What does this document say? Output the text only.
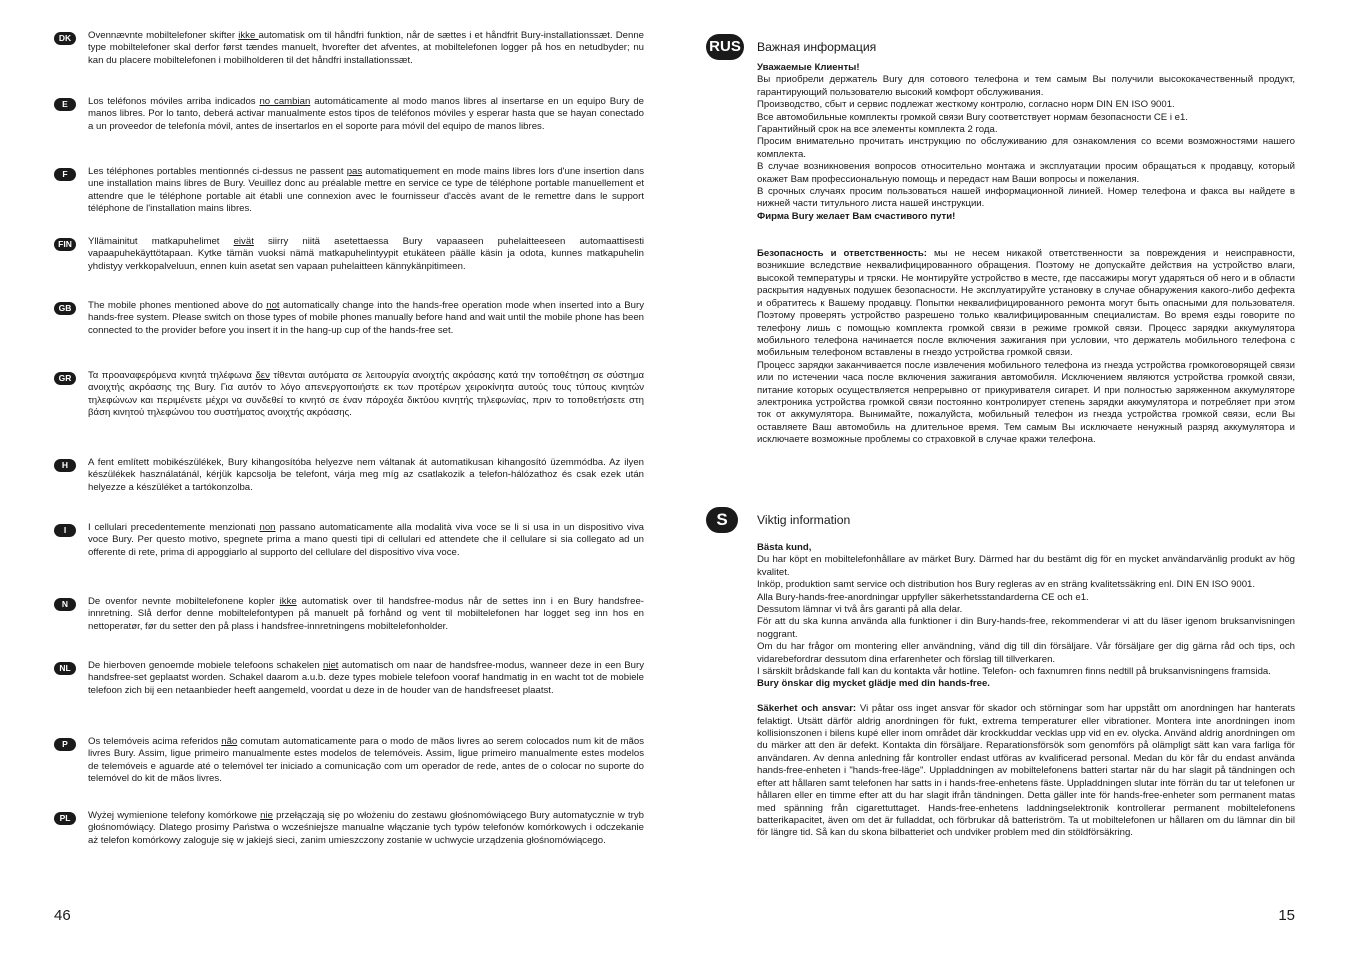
DK	Ovennævnte mobiltelefoner skifter ikke automatisk om til håndfri funktion, når de sættes i et håndfrit Bury-installationssæt. Denne type mobiltelefoner skal derfor først tændes manuelt, hvorefter det afventes, at mobiltelefonen logger på hos en netudbyder; nu kan du placere mobiltelefonen i mobilholderen til det håndfri installationssæt.
E	Los teléfonos móviles arriba indicados no cambian automáticamente al modo manos libres al insertarse en un equipo Bury de manos libres. Por lo tanto, deberá activar manualmente estos tipos de teléfonos móviles y esperar hasta que se hayan conectado a un proveedor de telefonía móvil, antes de insertarlos en el soporte para móvil del equipo de manos libres.
F	Les téléphones portables mentionnés ci-dessus ne passent pas automatiquement en mode mains libres lors d'une insertion dans une installation mains libres de Bury. Veuillez donc au préalable mettre en service ce type de téléphone portable manuellement et attendre que le téléphone portable ait établi une connexion avec le fournisseur d'accès avant de le remettre dans le support téléphone de l'installation mains libres.
FIN	Yllämainitut matkapuhelimet eivät siirry niitä asetettaessa Bury vapaaseen puhelaitteeseen automaattisesti vapaapuhekäyttötapaan. Kytke tämän vuoksi nämä matkapuhelintyypit etukäteen päälle käsin ja odota, kunnes matkapuhelin yhdistyy verkkopalveluun, ennen kuin asetat sen vapaan puhelaitteen kännykänpitimeen.
GB	The mobile phones mentioned above do not automatically change into the hands-free operation mode when inserted into a Bury hands-free system. Please switch on those types of mobile phones manually before hand and wait until the mobile phone has been connected to the provider before you insert it in the hang-up cup of the hands-free set.
GR	Τα προαναφερόμενα κινητά τηλέφωνα δεν τίθενται αυτόματα σε λειτουργία ανοιχτής ακρόασης κατά την τοποθέτηση σε σύστημα ανοιχτής ακρόασης της Bury. Για αυτόν το λόγο απενεργοποιήστε εκ των προτέρων χειροκίνητα αυτούς τους τύπους κινητών τηλεφώνων και περιμένετε μέχρι να συνδεθεί το κινητό σε έναν πάροχέα δικτύου κινητής τηλεφωνίας, πριν το τοποθετήσετε στη βάση κινητού τηλεφώνου του συστήματος ανοιχτής ακρόασης.
H	A fent említett mobikészülékek, Bury kihangosítóba helyezve nem váltanak át automatikusan kihangosító üzemmódba. Az ilyen készülékek használatánál, kérjük kapcsolja be telefont, várja meg míg az csatlakozik a telefon-hálózathoz és csak ezek után helyezze a készüléket a tartókonzolba.
I	I cellulari precedentemente menzionati non passano automaticamente alla modalità viva voce se li si usa in un dispositivo viva voce Bury. Per questo motivo, spegnete prima a mano questi tipi di cellulari ed attendete che il cellulare si sia collegato ad un offerente di rete, prima di appoggiarlo al supporto del cellulare del dispositivo viva voce.
N	De ovenfor nevnte mobiltelefonene kopler ikke automatisk over til handsfree-modus når de settes inn i en Bury handsfree-innretning. Slå derfor denne mobiltelefontypen på manuelt på forhånd og vent til mobiltelefonen har logget seg inn hos en nettoperatør, før du setter den på plass i handsfree-innretningens mobiltelefonholder.
NL	De hierboven genoemde mobiele telefoons schakelen niet automatisch om naar de handsfree-modus, wanneer deze in een Bury handsfree-set geplaatst worden. Schakel daarom a.u.b. deze types mobiele telefoon vooraf handmatig in en wacht tot de mobiele telefoon zich bij een netaanbieder heeft aangemeld, voordat u deze in de houder van de handsfreeset plaatst.
P	Os telemóveis acima referidos não comutam automaticamente para o modo de mãos livres ao serem colocados num kit de mãos livres Bury. Assim, ligue primeiro manualmente estes modelos de telemóveis. Assim, ligue primeiro manualmente estes modelos de telemóveis e aguarde até o telemóvel ter iniciado a comunicação com um operador de rede, antes de o colocar no suporte do telemóvel do kit de mãos livres.
PL	Wyżej wymienione telefony komórkowe nie przełączają się po włożeniu do zestawu głośnomówiącego Bury automatycznie w tryb głośnomówiący. Dlatego prosimy Państwa o wcześniejsze manualne włączanie tych typów telefonów komórkowych i odczekanie aż telefon komórkowy zaloguje się w jakiejś sieci, zanim umieszczony zostanie w uchwycie urządzenia głośnomówiącego.
RUS Важная информация

Уважаемые Клиенты!

Вы приобрели держатель Bury для сотового телефона и тем самым Вы получили высококачественный продукт, гарантирующий пользователю высокий комфорт обслуживания.

Производство, сбыт и сервис подлежат жесткому контролю, согласно норм DIN EN ISO 9001.

Все автомобильные комплекты громкой связи Bury соответствует нормам безопасности CE i e1.

Гарантийный срок на все элементы комплекта 2 года.

Просим внимательно прочитать инструкцию по обслуживанию для ознакомления со всеми возможностями нашего комплекта.

В случае возникновения вопросов относительно монтажа и эксплуатации просим обращаться к продавцу, который окажет Вам профессиональную помощь и передаст нам Ваши вопросы и пожелания.

В срочных случаях просим пользоваться нашей информационной линией. Номер телефона и факса вы найдете в нижней части титульного листа нашей инструкции.

Фирма Bury желает Вам счастивого пути!

Безопасность и ответственность: мы не несем никакой ответственности за повреждения и неисправности, возникшие вследствие неквалифицированного обращения. Поэтому не допускайте действия на устройство влаги, высокой температуры и тряски. Не монтируйте устройство в месте, где пассажиры могут ударяться об него и в области раскрытия надувных подушек безопасности. Не эксплуатируйте установку в случае обнаружения какого-либо дефекта и обратитесь к Вашему продавцу. Попытки неквалифицированного ремонта могут быть опасными для пользователя. Поэтому проверять устройство разрешено только квалифицированным специалистам. Во время езды говорите по телефону лишь с помощью комплекта громкой связи в режиме громкой связи. Процесс зарядки аккумулятора мобильного телефона начинается после включения зажигания при условии, что держатель мобильного телефона с мобильным телефоном вставлены в гнездо устройства громкой связи.

Процесс зарядки заканчивается после извлечения мобильного телефона из гнезда устройства громкоговорящей связи или по истечении часа после включения зажигания автомобиля. Исключением являются устройства громкой связи, питание которых осуществляется непрерывно от прикуривателя сигарет. И при полностью заряженном аккумуляторе электроника устройства громкой связи постоянно контролирует степень зарядки аккумулятора и потребляет при этом ток от аккумулятора. Вынимайте, пожалуйста, мобильный телефон из гнезда устройства громкой связи, если Вы оставляете Ваш автомобиль на длительное время. Тем самым Вы исключаете ненужный разряд аккумулятора и исключаете возможные проблемы со страховкой в случае кражи телефона.

S	Viktig information

Bästa kund,

Du har köpt en mobiltelefonhållare av märket Bury. Därmed har du bestämt dig för en mycket användarvänlig produkt av hög kvalitet.

Inköp, produktion samt service och distribution hos Bury regleras av en sträng kvalitetssäkring enl. DIN EN ISO 9001.

Alla Bury-hands-free-anordningar uppfyller säkerhetsstandarderna CE och e1.

Dessutom lämnar vi två års garanti på alla delar.

För att du ska kunna använda alla funktioner i din Bury-hands-free, rekommenderar vi att du läser igenom bruksanvisningen noggrant.

Om du har frågor om montering eller användning, vänd dig till din försäljare. Vår försäljare ger dig gärna råd och tips, och vidarebefordrar dessutom dina erfarenheter och förslag till tillverkaren.

I särskilt brådskande fall kan du kontakta vår hotline. Telefon- och faxnumren finns nedtill på bruksanvisningens framsida.

Bury önskar dig mycket glädje med din hands-free.

Säkerhet och ansvar: Vi påtar oss inget ansvar för skador och störningar som har uppstått om anordningen har hanterats felaktigt. Utsätt därför aldrig anordningen för fukt, extrema temperaturer eller vibrationer. Montera inte anordningen inom kollisionszonen i bilens kupé eller inom området där krockkuddar vecklas upp vid en ev. olycka. Använd aldrig anordningen om du märker att den är defekt. Kontakta din försäljare. Reparationsförsök som genomförs på olämpligt sätt kan vara farliga för användaren. Av denna anledning får kontroller endast utföras av kvalificerad personal. Medan du kör får du endast använda hands-free-enheten i "hands-free-läge". Uppladdningen av mobiltelefonens batteri startar när du har slagit på tändningen och efter att hållaren samt telefonen har satts in i hands-free-enhetens fäste. Uppladdningen slutar inte förrän du tar ut telefonen ur hållaren eller en timme efter att du har slagit ifrån tändningen. Detta gäller inte för hands-free-enheter som permanent matas med spänning från cigarettuttaget. Hands-free-enhetens laddningselektronik kontrollerar permanent mobiltelefonens batterikapacitet, även om det är fulladdat, och förbrukar då batteriström. Ta ut mobiltelefonen ur hållaren om du lämnar din bil för längre tid. Så kan du skona bilbatteriet och undviker problem med din stöldförsäkring.

46	15
